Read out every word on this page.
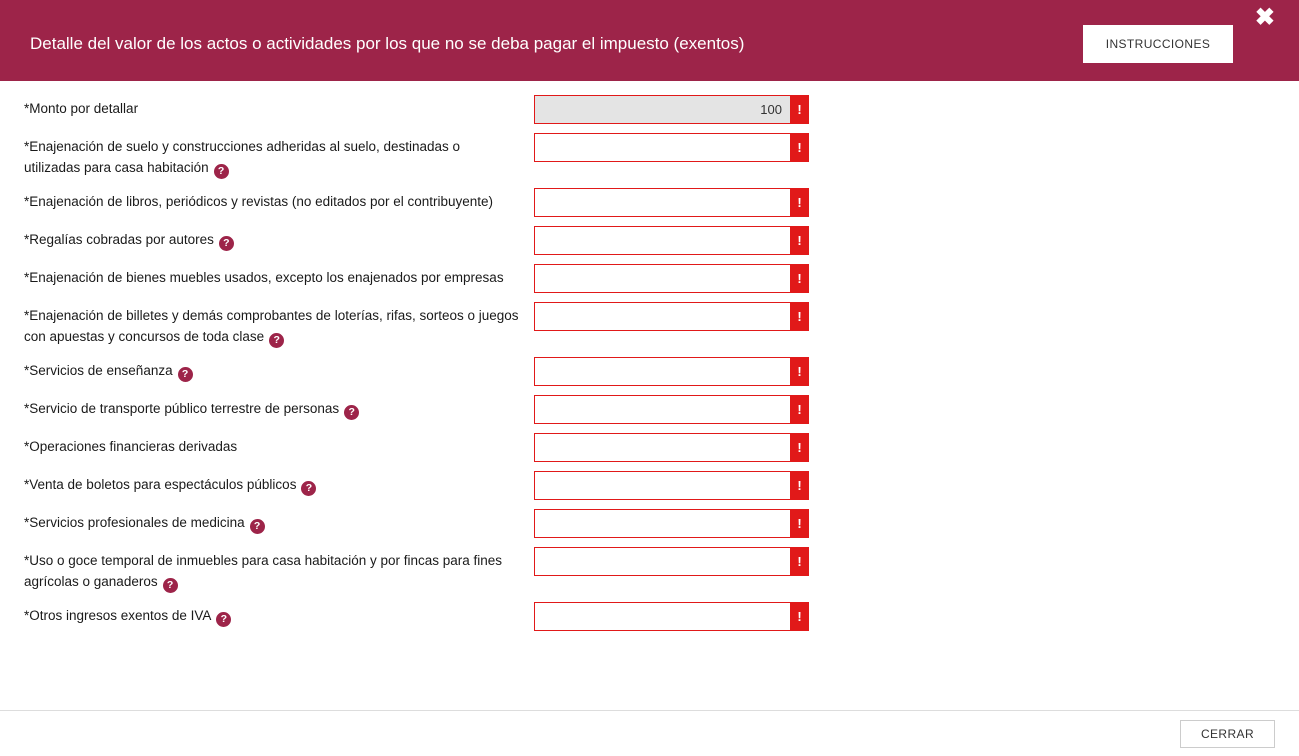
Detalle del valor de los actos o actividades por los que no se deba pagar el impuesto (exentos)	INSTRUCCIONES
✖
*Monto por detallar
100	!
*Enajenación de suelo y construcciones adheridas al suelo, destinadas o utilizadas para casa habitación ?
!
*Enajenación de libros, periódicos y revistas (no editados por el contribuyente)	!
*Regalías cobradas por autores ?	!
*Enajenación de bienes muebles usados, excepto los enajenados por empresas	!
*Enajenación de billetes y demás comprobantes de loterías, rifas, sorteos o juegos con apuestas y concursos de toda clase ?
!
*Servicios de enseñanza ?	!
*Servicio de transporte público terrestre de personas ?	!
*Operaciones financieras derivadas	!
*Venta de boletos para espectáculos públicos ?	!
*Servicios profesionales de medicina ?	!
*Uso o goce temporal de inmuebles para casa habitación y por fincas para fines agrícolas o ganaderos ?
!
*Otros ingresos exentos de IVA ?	!
CERRAR
